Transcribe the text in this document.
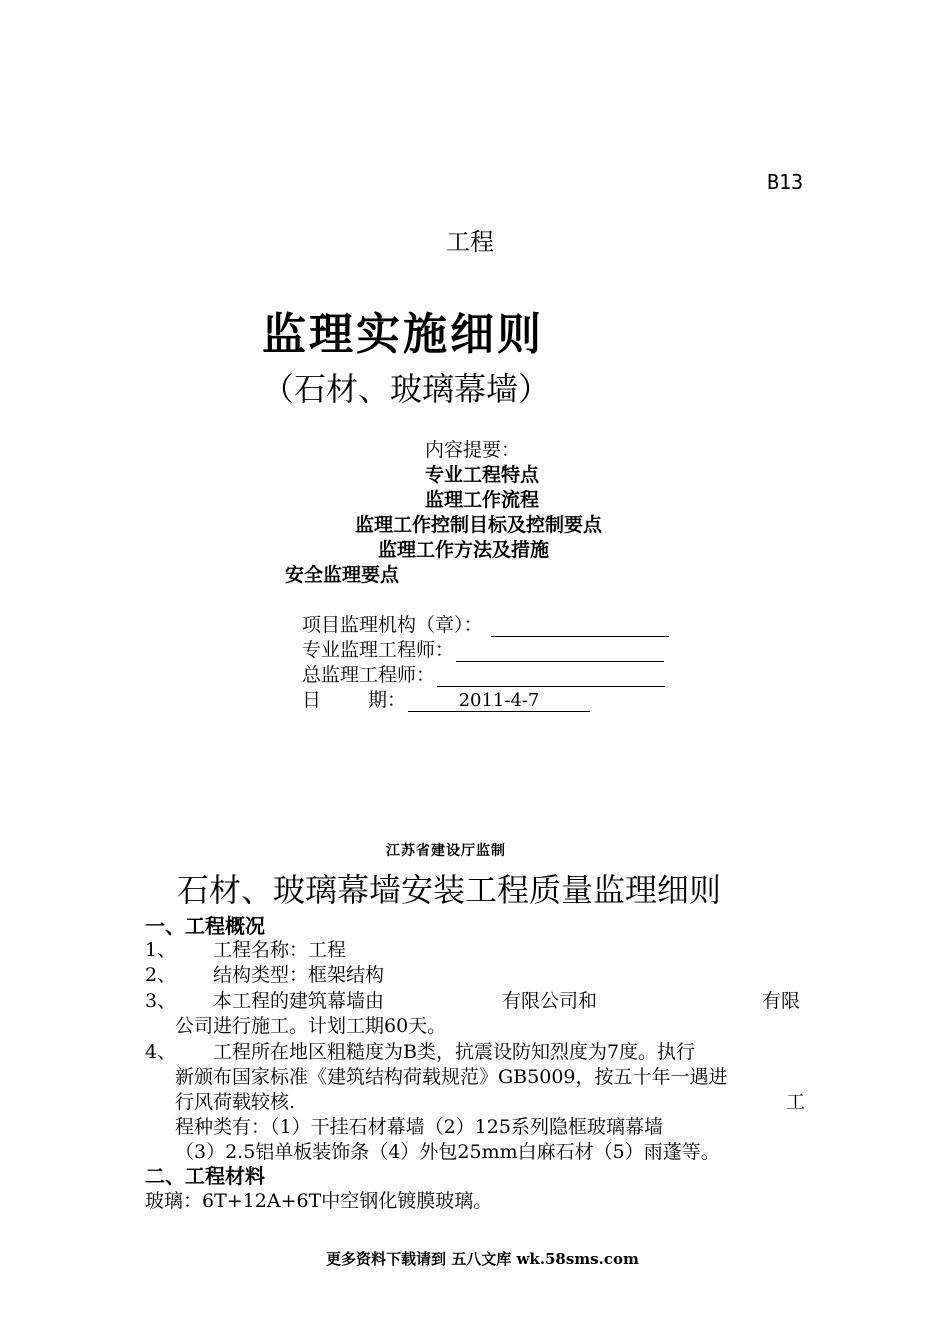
B13
工程
监理实施细则
（石材、玻璃幕墙）
内容提要：
专业工程特点
监理工作流程
监理工作控制目标及控制要点
监理工作方法及措施
安全监理要点
项目监理机构（章）：
专业监理工程师：
总监理工程师：
日 期：	2011-4-7
江苏省建设厅监制
石材、玻璃幕墙安装工程质量监理细则
一、工程概况
1、 工程名称：工程
2、 结构类型：框架结构
3、 本工程的建筑幕墙由	有限公司和	有限
公司进行施工。计划工期60天。
4、 工程所在地区粗糙度为B类，抗震设防知烈度为7度。执行
新颁布国家标准《建筑结构荷载规范》GB5009，按五十年一遇进
行风荷载较核.	工
程种类有：（1）干挂石材幕墙（2）125系列隐框玻璃幕墙
（3）2.5铝单板装饰条（4）外包25mm白麻石材（5）雨蓬等。
二、工程材料
玻璃：6T+12A+6T中空钢化镀膜玻璃。
更多资料下载请到 五八文库 wk.58sms.com
